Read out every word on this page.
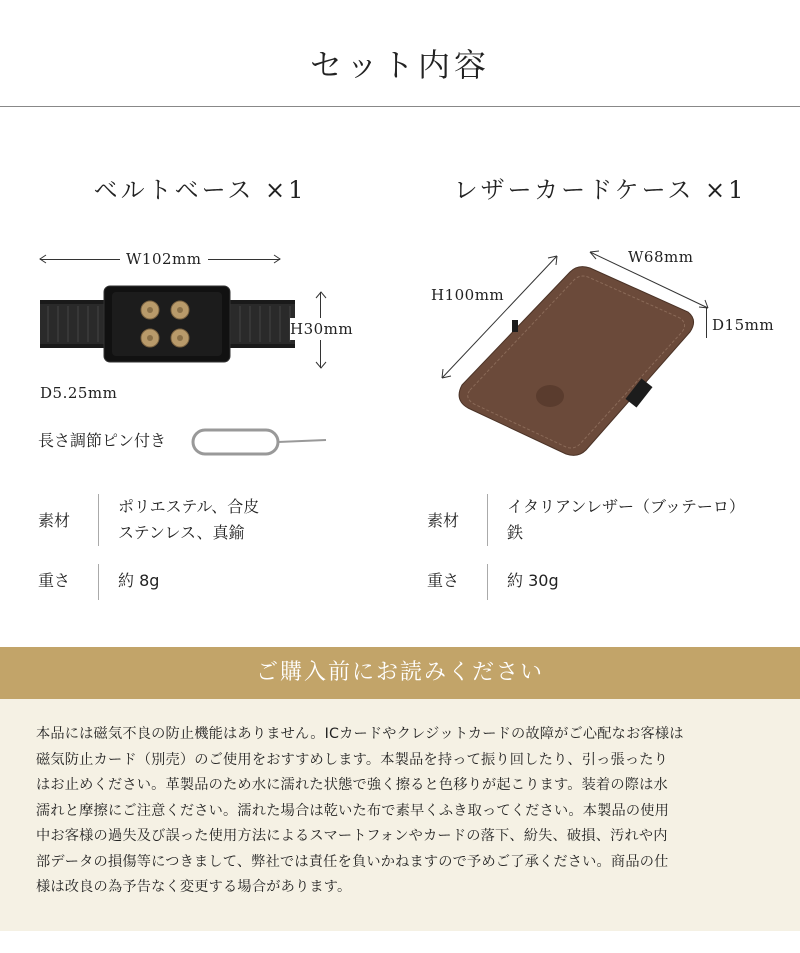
セット内容
ベルトベース ×1
W102mm
H30mm
D5.25mm
長さ調節ピン付き
素材
ポリエステル、合皮
ステンレス、真鍮
重さ	約 8g
レザーカードケース ×1
W68mm
H100mm
D15mm
素材
イタリアンレザー（ブッテーロ）
鉄
重さ	約 30g
ご購入前にお読みください
本品には磁気不良の防止機能はありません。ICカードやクレジットカードの故障がご心配なお客様は
磁気防止カード（別売）のご使用をおすすめします。本製品を持って振り回したり、引っ張ったり
はお止めください。革製品のため水に濡れた状態で強く擦ると色移りが起こります。装着の際は水
濡れと摩擦にご注意ください。濡れた場合は乾いた布で素早くふき取ってください。本製品の使用
中お客様の過失及び誤った使用方法によるスマートフォンやカードの落下、紛失、破損、汚れや内
部データの損傷等につきまして、弊社では責任を負いかねますので予めご了承ください。商品の仕
様は改良の為予告なく変更する場合があります。
